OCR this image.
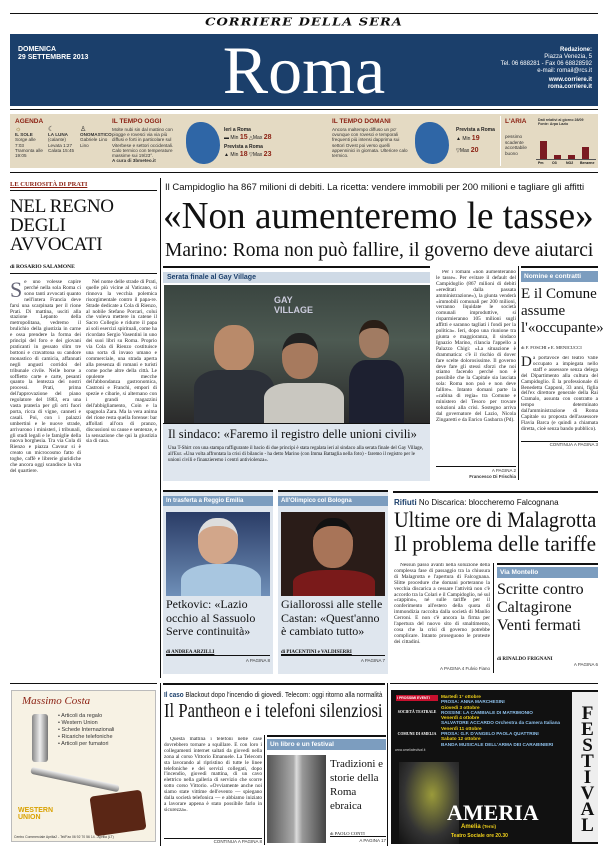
CORRIERE DELLA SERA
DOMENICA
29 SETTEMBRE 2013	Roma	Redazione:
Piazza Venezia, 5
Tel. 06 688281 - Fax 06 68828592
e-mail: romail@rcs.it
www.corriere.it
roma.corriere.it
AGENDA
☼
IL SOLE
Sorge alle 7:03 Tramonta alle 19:05
☾
LA LUNA
(calante) Levata 1:27 Calata 15:45
♙
ONOMASTICO
Gabriele Lino Lino
IL TEMPO OGGI
Molte nubi sin dal mattino con piogge e rovesci via via più diffusi e forti in particolare sul Viterbese e settori occidentali. Calo termico con temperature massime sui 19/23°.
A cura di 3bmeteo.it
Ieri a Roma
▬ Min 15 △Max 28
Prevista a Roma
▲ Min 18 ▽Max 23
IL TEMPO DOMANI
Ancora maltempo diffuso un po' ovunque con rovesci e temporali frequenti più intensi dapprima sui settori Ovest poi verso quelli appenninici in giornata. Ulteriore calo termico.
Prevista a Roma
▲ Min 19
▽Max 20
L'ARIA	Dati relativi al giorno 28/09 Fonte: Arpa Lazio
pessimo
scadente
accettabile
buono
Pm O3	NO2 Benzene
LE CURIOSITÀ DI PRATI
NEL REGNO DEGLI AVVOCATI
di ROSARIO SALAMONE
Se uno volesse capire perché nella sola Roma ci sono tanti avvocati quanto nell'intera Francia deve farsi una scarpinata per il rione Prati. Di mattina, usciti alla stazione Lepanto della metropolitana, vedremo il brulichio della giustizia in carne e ossa prendere la forma dei principi del foro e dei giovani praticanti in gessato slim tre bottoni e cravattona su candore monastico di camicia, affannati negli angusti corridoi del tribunale civile. Nelle borse a soffietto carte e carte, pesanti quanto la lentezza dei nostri processi. Prati, prima dell'approvazione del piano regolatore del 1883, era una vasta prateria per gli orti fuori porta, ricca di vigne, canneti e casali. Poi, con i palazzi umbertini e le nuove strade, arrivarono i ministeri, i tribunali, gli studi legali e le famiglie della nuova borghesia. Tra via Cola di Rienzo e piazza Cavour si è creato un microcosmo fatto di toghe, caffè e librerie giuridiche che ancora oggi scandisce la vita del quartiere.
Nel nome delle strade di Prati, quelle più vicine al Vaticano, si rinnova la vecchia polemica risorgimentale contro il papa-re. Strade dedicate a Cola di Rienzo, al nobile Stefano Porcari, colui che voleva mettere in catene il Sacro Collegio e ridurre il papa ai soli esercizi spirituali, come ha ricordato Sergio Vasentini in uno dei suoi libri su Roma. Proprio via Cola di Rienzo costituisce una sorta di invaso umano e commerciale, una strada aperta alla presenza di romani e turisti come poche altre della città. Le opulente mecche dell'abbondanza gastronomica, Castroni e Franchi, empori di spezie e cibarie, si alternano con i grandi magazzini dell'abbigliamento, Coin e la spagnola Zara. Ma la vera anima del rione resta quella forense: bar affollati all'ora di pranzo, discussioni su cause e sentenze, e la sensazione che qui la giustizia sia di casa.
Il Campidoglio ha 867 milioni di debiti. La ricetta: vendere immobili per 200 milioni e tagliare gli affitti
«Non aumenteremo le tasse»
Marino: Roma non può fallire, il governo deve aiutarci
Serata finale al Gay Village
GAY VILLAGE
Il sindaco: «Faremo il registro delle unioni civili»
Una T-Shirt con una stampa raffigurante il bacio di due principi è stata regalata ieri al sindaco alla serata finale del Gay Village, all'Eur. «Una volta affrontata la crisi di bilancio - ha detto Marino (con Imma Battaglia nella foto) - faremo il registro per le unioni civili e finanzieremo i centri antiviolenza».
Per i romani «non aumenteranno le tasse». Per evitare il default del Campidoglio (867 milioni di debiti «ereditati dalla passata amministrazione»), la giunta venderà «immobili comunali per 200 milioni, verranno liquidate le società comunali improduttive, si risparmieranno 105 milioni sugli affitti e saranno tagliati i fondi per la politica». Ieri, dopo una riunione tra giunta e maggioranza, il sindaco Ignazio Marino, rilancia l'appello a Palazzo Chigi: «La situazione è drammatica: c'è il rischio di dover fare scelte dolorosissime. Il governo deve fare gli stessi sforzi che noi stiamo facendo perché non è possibile che la Capitale sia lasciata sola: Roma non può e non deve fallire». Intanto domani parte la «cabina di regia» tra Comune e ministero del Tesoro per trovare soluzioni alla crisi. Sostegno arriva dal governatore del Lazio, Nicola Zingaretti e da Enrico Gasbarra (Pd).
A PAGINA 2
Francesco Di Frischia
Nomine e contratti
E il Comune assume l'«occupante»
di F. FOSCHI e E. MENICUCCI
Da portavoce del teatro Valle occupato a impiegata nello staff e assessore senza delega del Dipartimento alla cultura del Campidoglio. È la professionale di Benedetta Capponi, 33 anni, figlia dell'ex direttore generale della Rai Cramalo, assunta con contratto a tempo determinato dall'amministrazione di Roma Capitale su proposta dell'assessore Flavia Barca (e quindi a chiamata diretta, cioè senza bando pubblico).
CONTINUA A PAGINA 3
In trasferta a Reggio Emilia
Petkovic: «Lazio occhio al Sassuolo Serve continuità»
di ANDREA ARZILLI
A PAGINA 8
All'Olimpico col Bologna
Giallorossi alle stelle Castan: «Quest'anno è cambiato tutto»
di PIACENTINI e VALDISERRI
A PAGINA 7
Rifiuti No Discarica: bloccheremo Falcognana
Ultime ore di Malagrotta
Il problema delle tariffe
Nessun passo avanti nella soluzione della complessa fase di passaggio tra la chiusura di Malagrotta e l'apertura di Falcognana. Slitte procedure che domani porteranno la vecchia discarica a cessare l'attività non c'è accordo tra la Colari e il Campidoglio, né sul «cappino», né sulle tariffe per il conferimento all'estero della quota di immondizia raccolta dalla società di Manlio Cerroni. E non c'è ancora la firma per l'apertura del nuovo sito di smaltimento, cosa che la crisi di governo potrebbe complicare. Intanto proseguono le proteste dei cittadini.
A PAGINA 4 Fulvio Fiano
Via Montello
Scritte contro Caltagirone Venti fermati
di RINALDO FRIGNANI
A PAGINA 6
Massimo Costa
• Articoli da regalo
• Western Union
• Schede Internazionali
• Ricariche telefoniche
• Articoli per fumatori
WESTERN UNION
Centro Commerciale Aprilia2 - Tel/Fax 06 92 70 56 14 - Aprilia (LT)
Il caso Blackout dopo l'incendio di giovedì. Telecom: oggi ritorno alla normalità
Il Pantheon e i telefoni silenziosi
Questa mattina i telefoni nelle case dovrebbero tornare a squillare. E con loro i collegamenti internet saltati da giovedì nella zona al corso Vittorio Emanuele. La Telecom sta lavorando al ripristino di tutte le linee telefoniche e dei servizi collegati, dopo l'incendio, giovedì mattina, di un cavo elettrico nella galleria di servizio che scorre sotto corso Vittorio. «Ovviamente anche noi siamo state vittime dell'evento — spiegano dalla società telefonica — e abbiamo iniziato a lavorare appena è stato possibile farlo in sicurezza».
CONTINUA A PAGINA 8
Un libro e un festival
Tradizioni e storie della Roma ebraica
di PAOLO CONTI
A PAGINA 17
I PROSSIMI EVENTI
SOCIETÀ TEATRALE
COMUNE DI AMELIA
www.ameliafestival.it
Martedì 1° ottobre
PROSA: ANNA MARCHESINI
Giovedì 3 ottobre
ROSSINI: LA CAMBIALE DI MATRIMONIO
Venerdì 4 ottobre
SALVATORE ACCARDO Orchestra da Camera Italiana
Venerdì 11 ottobre
PROSA: G.F. D'ANGELO PAOLA QUATTRINI
Sabato 12 ottobre
BANDA MUSICALE DELL'ARMA DEI CARABINIERI	FESTIVAL
AMERIA
Amelia (Terni)
Teatro Sociale ore 20.30
